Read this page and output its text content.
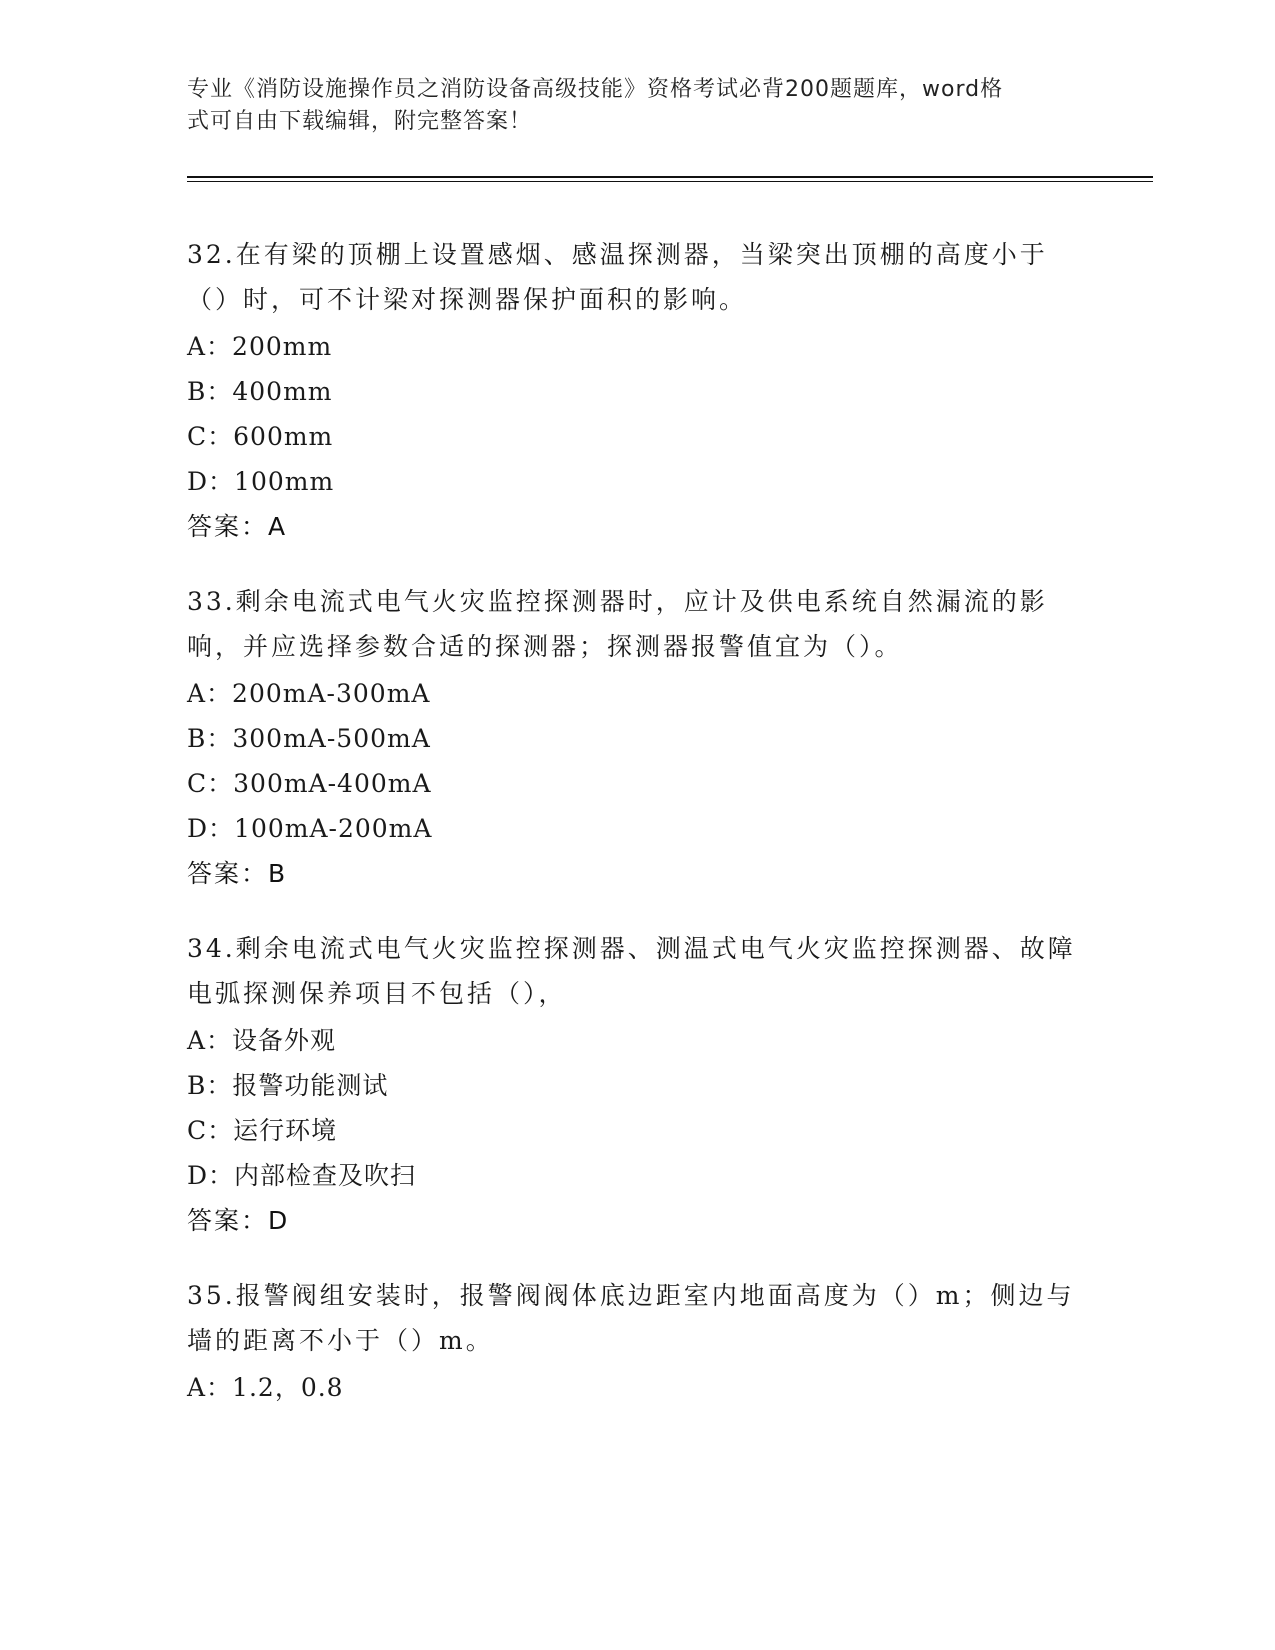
专业《消防设施操作员之消防设备高级技能》资格考试必背200题题库，word格
式可自由下载编辑，附完整答案！

32.在有梁的顶棚上设置感烟、感温探测器，当梁突出顶棚的高度小于（）时，可不计梁对探测器保护面积的影响。

A：200mm

B：400mm

C：600mm

D：100mm

答案：A

33.剩余电流式电气火灾监控探测器时，应计及供电系统自然漏流的影响，并应选择参数合适的探测器；探测器报警值宜为（）。

A：200mA-300mA

B：300mA-500mA

C：300mA-400mA

D：100mA-200mA

答案：B

34.剩余电流式电气火灾监控探测器、测温式电气火灾监控探测器、故障电弧探测保养项目不包括（），

A：设备外观

B：报警功能测试

C：运行环境

D：内部检查及吹扫

答案：D

35.报警阀组安装时，报警阀阀体底边距室内地面高度为（）m；侧边与墙的距离不小于（）m。

A：1.2，0.8
